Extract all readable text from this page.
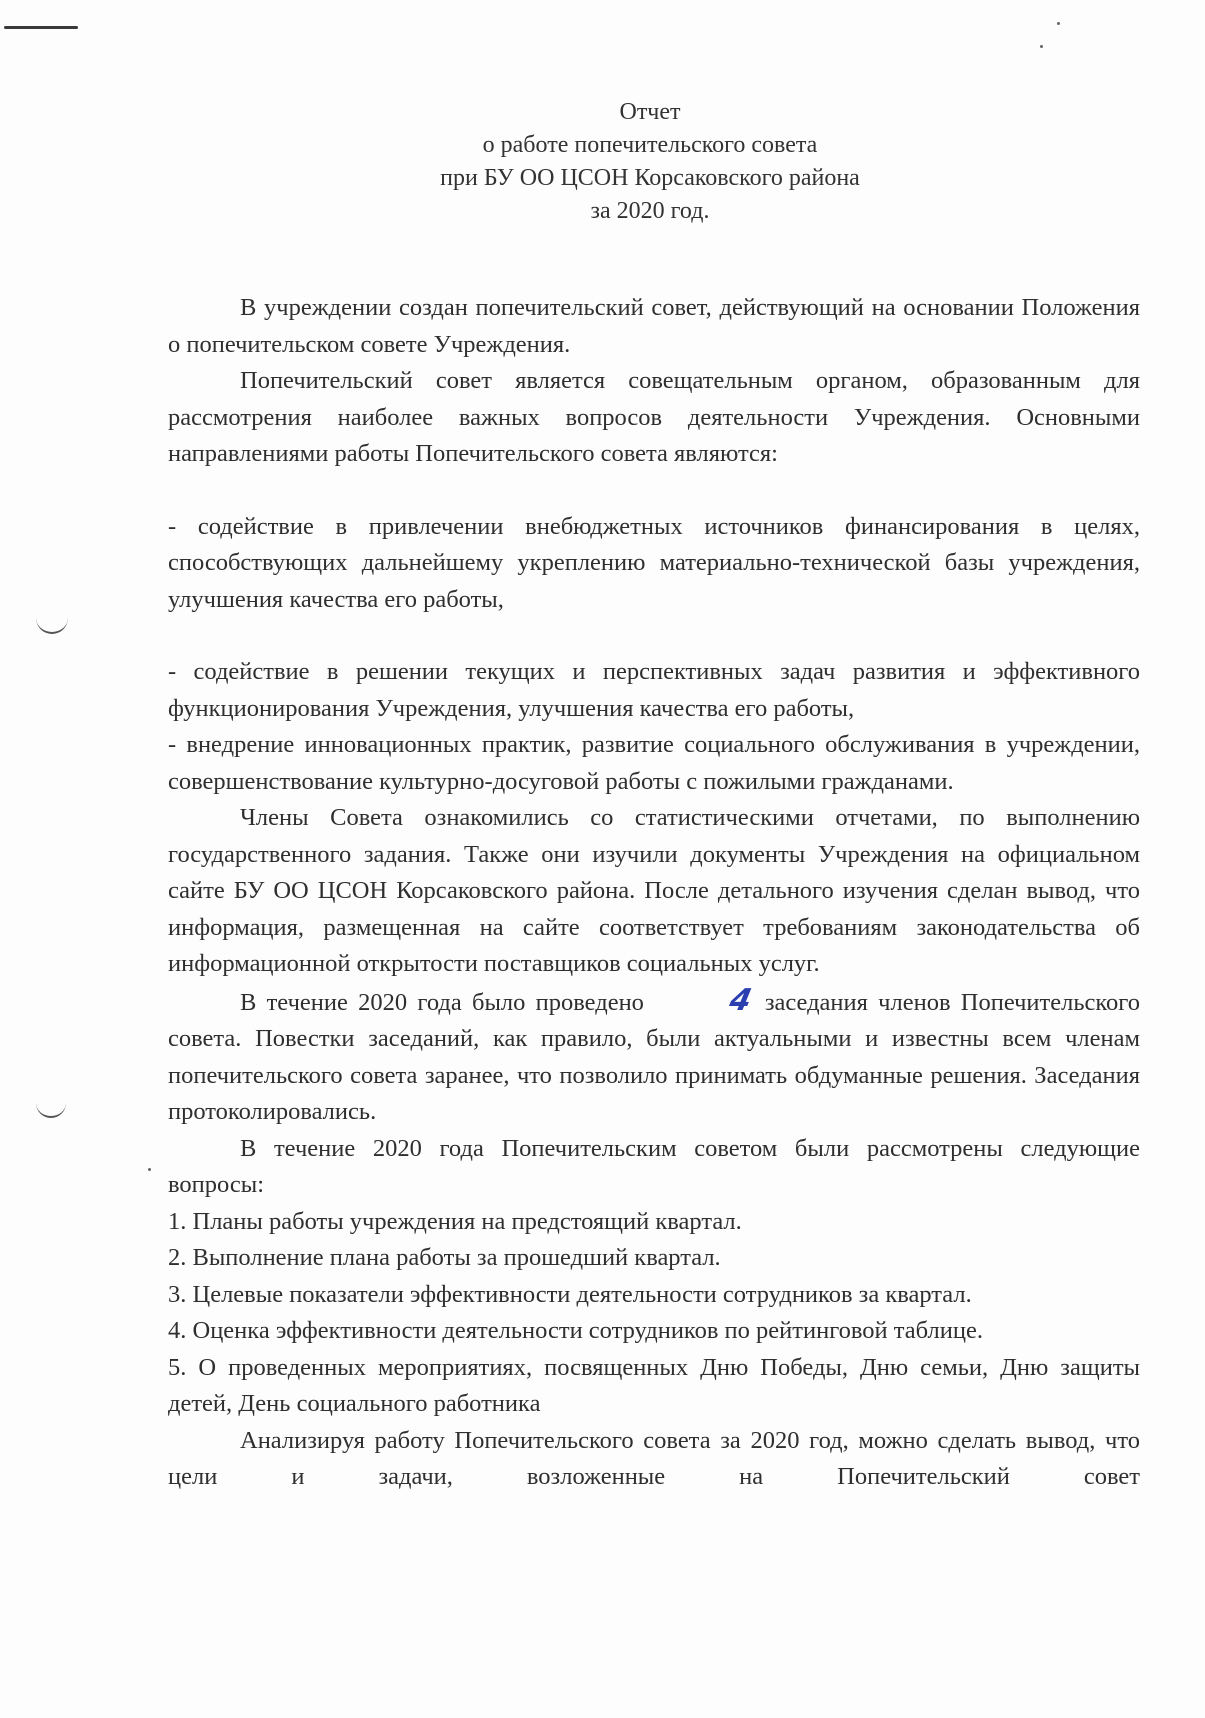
Отчет
о работе попечительского совета
при БУ ОО ЦСОН Корсаковского района
за 2020 год.

В учреждении создан попечительский совет, действующий на основании Положения о попечительском совете Учреждения.

Попечительский совет является совещательным органом, образованным для рассмотрения наиболее важных вопросов деятельности Учреждения. Основными направлениями работы Попечительского совета являются:

- содействие в привлечении внебюджетных источников финансирования в целях, способствующих дальнейшему укреплению материально-технической базы учреждения, улучшения качества его работы,

- содействие в решении текущих и перспективных задач развития и эффективного функционирования Учреждения, улучшения качества его работы,

- внедрение инновационных практик, развитие социального обслуживания в учреждении, совершенствование культурно-досуговой работы с пожилыми гражданами.

Члены Совета ознакомились со статистическими отчетами, по выполнению государственного задания. Также они изучили документы Учреждения на официальном сайте БУ ОО ЦСОН Корсаковского района. После детального изучения сделан вывод, что информация, размещенная на сайте соответствует требованиям законодательства об информационной открытости поставщиков социальных услуг.

В течение 2020 года было проведено	4 заседания членов Попечительского совета. Повестки заседаний, как правило, были актуальными и известны всем членам попечительского совета заранее, что позволило принимать обдуманные решения. Заседания протоколировались.

В течение 2020 года Попечительским советом были рассмотрены следующие вопросы:

1. Планы работы учреждения на предстоящий квартал.

2. Выполнение плана работы за прошедший квартал.

3. Целевые показатели эффективности деятельности сотрудников за квартал.

4. Оценка эффективности деятельности сотрудников по рейтинговой таблице.

5. О проведенных мероприятиях, посвященных Дню Победы, Дню семьи, Дню защиты детей, День социального работника

Анализируя работу Попечительского совета за 2020 год, можно сделать вывод, что цели и задачи, возложенные на Попечительский совет
